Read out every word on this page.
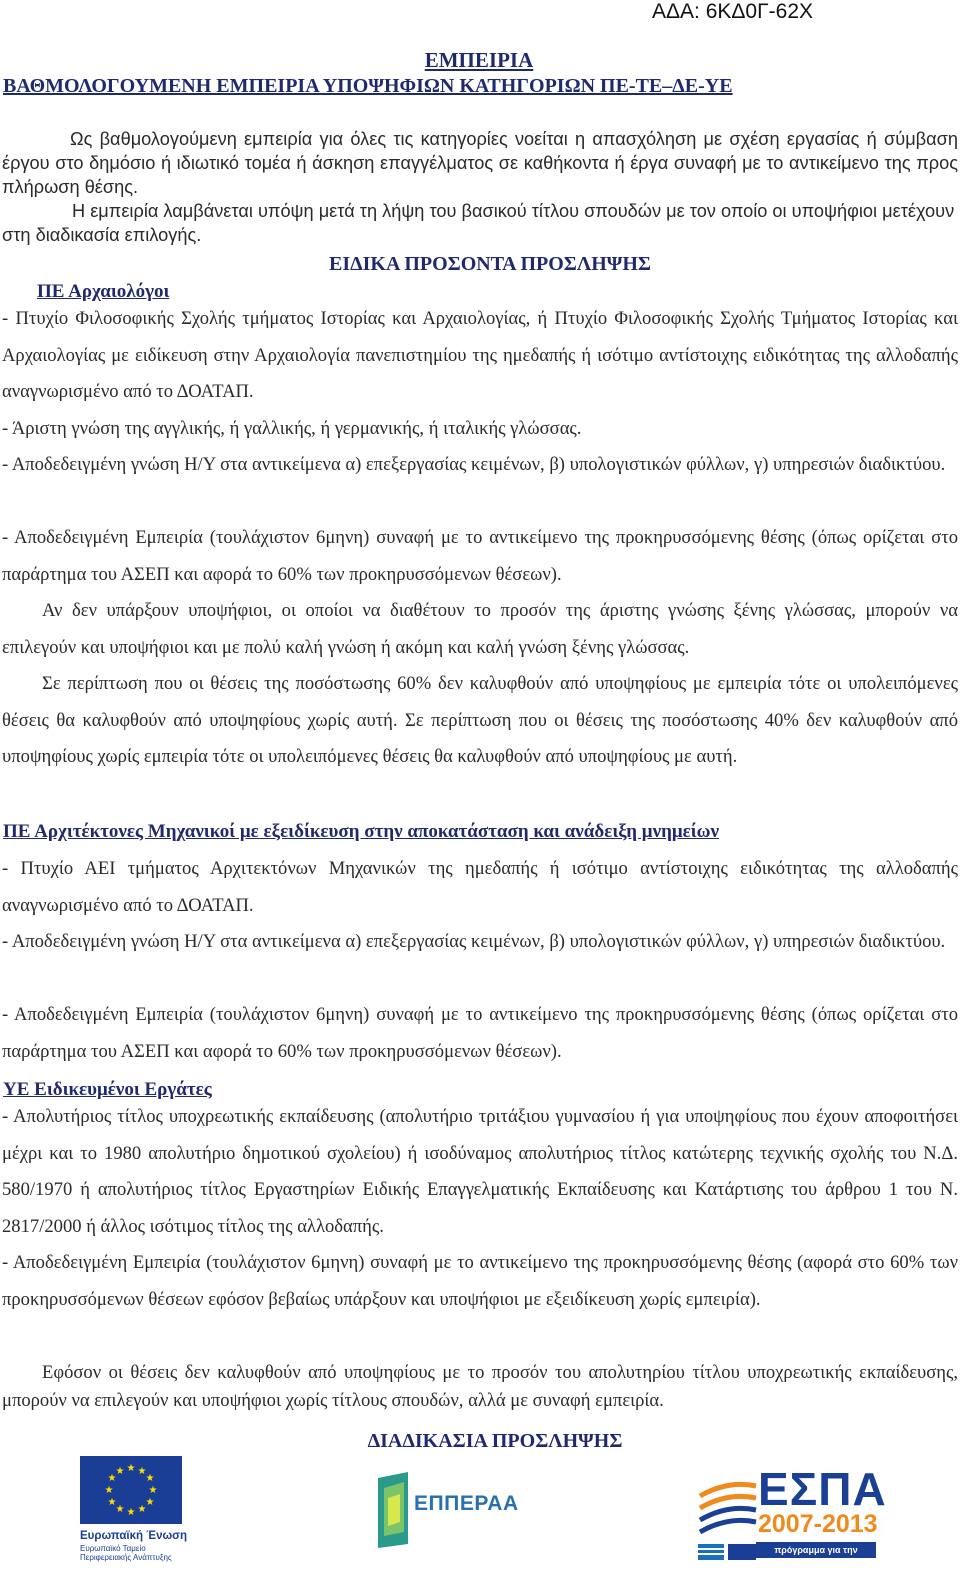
ΑΔΑ: 6ΚΔ0Γ-62Χ
ΕΜΠΕΙΡΙΑ
ΒΑΘΜΟΛΟΓΟΥΜΕΝΗ ΕΜΠΕΙΡΙΑ ΥΠΟΨΗΦΙΩΝ ΚΑΤΗΓΟΡΙΩΝ ΠΕ-ΤΕ–ΔΕ-ΥΕ
Ως βαθμολογούμενη εμπειρία για όλες τις κατηγορίες νοείται η απασχόληση με σχέση εργασίας ή σύμβαση έργου στο δημόσιο ή ιδιωτικό τομέα ή άσκηση επαγγέλματος σε καθήκοντα ή έργα συναφή με το αντικείμενο της προς πλήρωση θέσης.
Η εμπειρία λαμβάνεται υπόψη μετά τη λήψη του βασικού τίτλου σπουδών με τον οποίο οι υποψήφιοι μετέχουν στη διαδικασία επιλογής.
ΕΙΔΙΚΑ ΠΡΟΣΟΝΤΑ ΠΡΟΣΛΗΨΗΣ
ΠΕ Αρχαιολόγοι
- Πτυχίο Φιλοσοφικής Σχολής τμήματος Ιστορίας και Αρχαιολογίας, ή Πτυχίο Φιλοσοφικής Σχολής Τμήματος Ιστορίας και Αρχαιολογίας με ειδίκευση στην Αρχαιολογία πανεπιστημίου της ημεδαπής ή ισότιμο αντίστοιχης ειδικότητας της αλλοδαπής αναγνωρισμένο από το ΔΟΑΤΑΠ.
- Άριστη γνώση της αγγλικής, ή γαλλικής, ή γερμανικής, ή ιταλικής γλώσσας.
- Αποδεδειγμένη γνώση Η/Υ στα αντικείμενα α) επεξεργασίας κειμένων, β) υπολογιστικών φύλλων, γ) υπηρεσιών διαδικτύου.
- Αποδεδειγμένη Εμπειρία (τουλάχιστον 6μηνη) συναφή με το αντικείμενο της προκηρυσσόμενης θέσης (όπως ορίζεται στο παράρτημα του ΑΣΕΠ και αφορά το 60% των προκηρυσσόμενων θέσεων).
Αν δεν υπάρξουν υποψήφιοι, οι οποίοι να διαθέτουν το προσόν της άριστης γνώσης ξένης γλώσσας, μπορούν να επιλεγούν και υποψήφιοι και με πολύ καλή γνώση ή ακόμη και καλή γνώση ξένης γλώσσας.
Σε περίπτωση που οι θέσεις της ποσόστωσης 60% δεν καλυφθούν από υποψηφίους με εμπειρία τότε οι υπολειπόμενες θέσεις θα καλυφθούν από υποψηφίους χωρίς αυτή. Σε περίπτωση που οι θέσεις της ποσόστωσης 40% δεν καλυφθούν από υποψηφίους χωρίς εμπειρία τότε οι υπολειπόμενες θέσεις θα καλυφθούν από υποψηφίους με αυτή.
ΠΕ Αρχιτέκτονες Μηχανικοί με εξειδίκευση στην αποκατάσταση και ανάδειξη μνημείων
- Πτυχίο ΑΕΙ τμήματος Αρχιτεκτόνων Μηχανικών της ημεδαπής ή ισότιμο αντίστοιχης ειδικότητας της αλλοδαπής αναγνωρισμένο από το ΔΟΑΤΑΠ.
- Αποδεδειγμένη γνώση Η/Υ στα αντικείμενα α) επεξεργασίας κειμένων, β) υπολογιστικών φύλλων, γ) υπηρεσιών διαδικτύου.
- Αποδεδειγμένη Εμπειρία (τουλάχιστον 6μηνη) συναφή με το αντικείμενο της προκηρυσσόμενης θέσης (όπως ορίζεται στο παράρτημα του ΑΣΕΠ και αφορά το 60% των προκηρυσσόμενων θέσεων).
ΥΕ Ειδικευμένοι Εργάτες
- Απολυτήριος τίτλος υποχρεωτικής εκπαίδευσης (απολυτήριο τριτάξιου γυμνασίου ή για υποψηφίους που έχουν αποφοιτήσει μέχρι και το 1980 απολυτήριο δημοτικού σχολείου) ή ισοδύναμος απολυτήριος τίτλος κατώτερης τεχνικής σχολής του Ν.Δ. 580/1970 ή απολυτήριος τίτλος Εργαστηρίων Ειδικής Επαγγελματικής Εκπαίδευσης και Κατάρτισης του άρθρου 1 του Ν. 2817/2000 ή άλλος ισότιμος τίτλος της αλλοδαπής.
- Αποδεδειγμένη Εμπειρία (τουλάχιστον 6μηνη) συναφή με το αντικείμενο της προκηρυσσόμενης θέσης (αφορά στο 60% των προκηρυσσόμενων θέσεων εφόσον βεβαίως υπάρξουν και υποψήφιοι με εξειδίκευση χωρίς εμπειρία).
Εφόσον οι θέσεις δεν καλυφθούν από υποψηφίους με το προσόν του απολυτηρίου τίτλου υποχρεωτικής εκπαίδευσης, μπορούν να επιλεγούν και υποψήφιοι χωρίς τίτλους σπουδών, αλλά με συναφή εμπειρία.
ΔΙΑΔΙΚΑΣΙΑ ΠΡΟΣΛΗΨΗΣ
★ ★
★
★
★
★
★
★
★
★
★
★
Ευρωπαϊκή Ένωση
Ευρωπαϊκό Ταμείο Περιφερειακής Ανάπτυξης
ΕΠΠΕΡΑΑ	ΕΣΠΑ
2007-2013
πρόγραμμα για την ανάπτυξη
